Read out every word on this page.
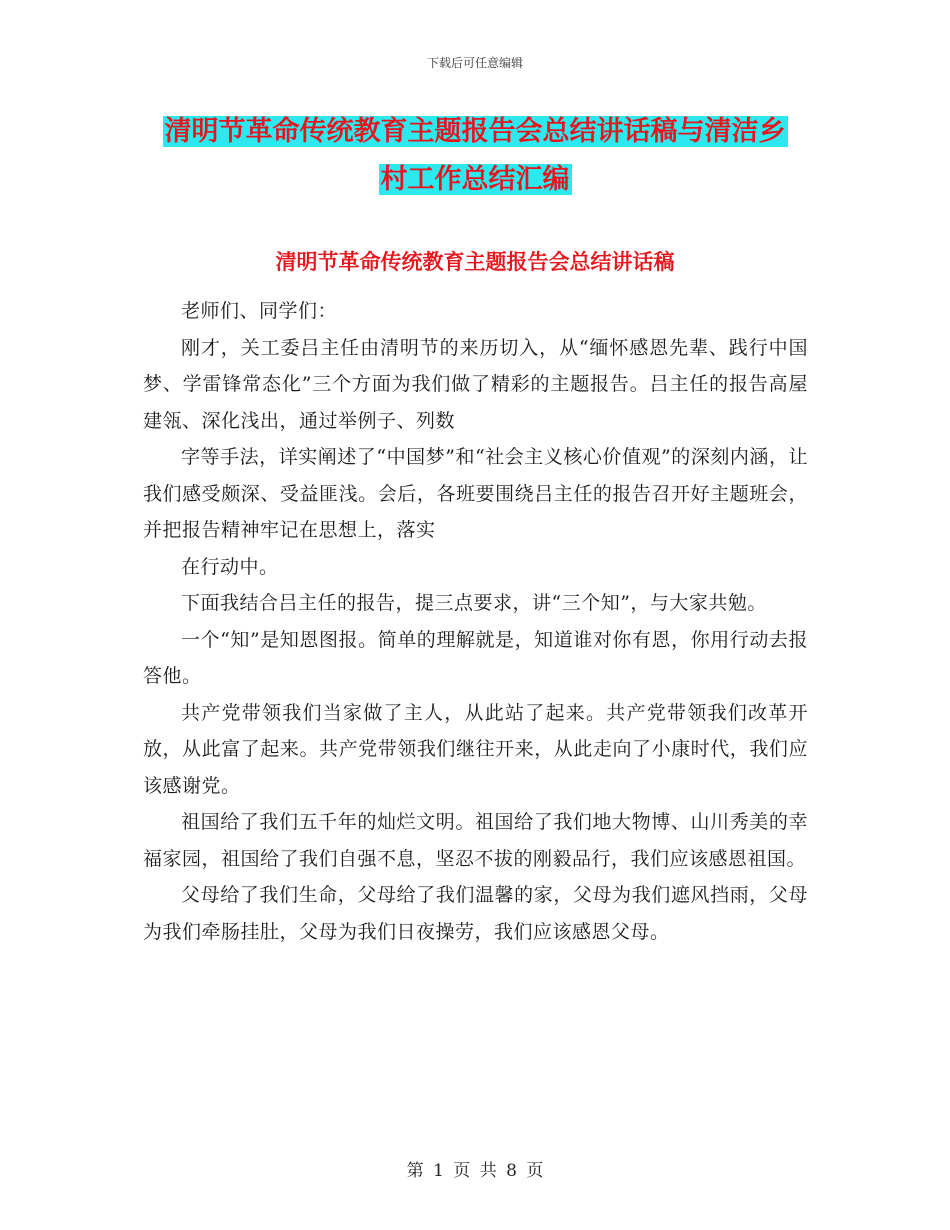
下载后可任意编辑
清明节革命传统教育主题报告会总结讲话稿与清洁乡
村工作总结汇编
清明节革命传统教育主题报告会总结讲话稿

老师们、同学们：

刚才，关工委吕主任由清明节的来历切入，从“缅怀感恩先辈、践行中国梦、学雷锋常态化”三个方面为我们做了精彩的主题报告。吕主任的报告高屋建瓴、深化浅出，通过举例子、列数

字等手法，详实阐述了“中国梦”和“社会主义核心价值观”的深刻内涵，让我们感受颇深、受益匪浅。会后，各班要围绕吕主任的报告召开好主题班会，并把报告精神牢记在思想上，落实

在行动中。

下面我结合吕主任的报告，提三点要求，讲“三个知”，与大家共勉。

一个“知”是知恩图报。简单的理解就是，知道谁对你有恩，你用行动去报答他。

共产党带领我们当家做了主人，从此站了起来。共产党带领我们改革开放，从此富了起来。共产党带领我们继往开来，从此走向了小康时代，我们应该感谢党。

祖国给了我们五千年的灿烂文明。祖国给了我们地大物博、山川秀美的幸福家园，祖国给了我们自强不息，坚忍不拔的刚毅品行，我们应该感恩祖国。

父母给了我们生命，父母给了我们温馨的家，父母为我们遮风挡雨，父母为我们牵肠挂肚，父母为我们日夜操劳，我们应该感恩父母。

第 1 页 共 8 页
